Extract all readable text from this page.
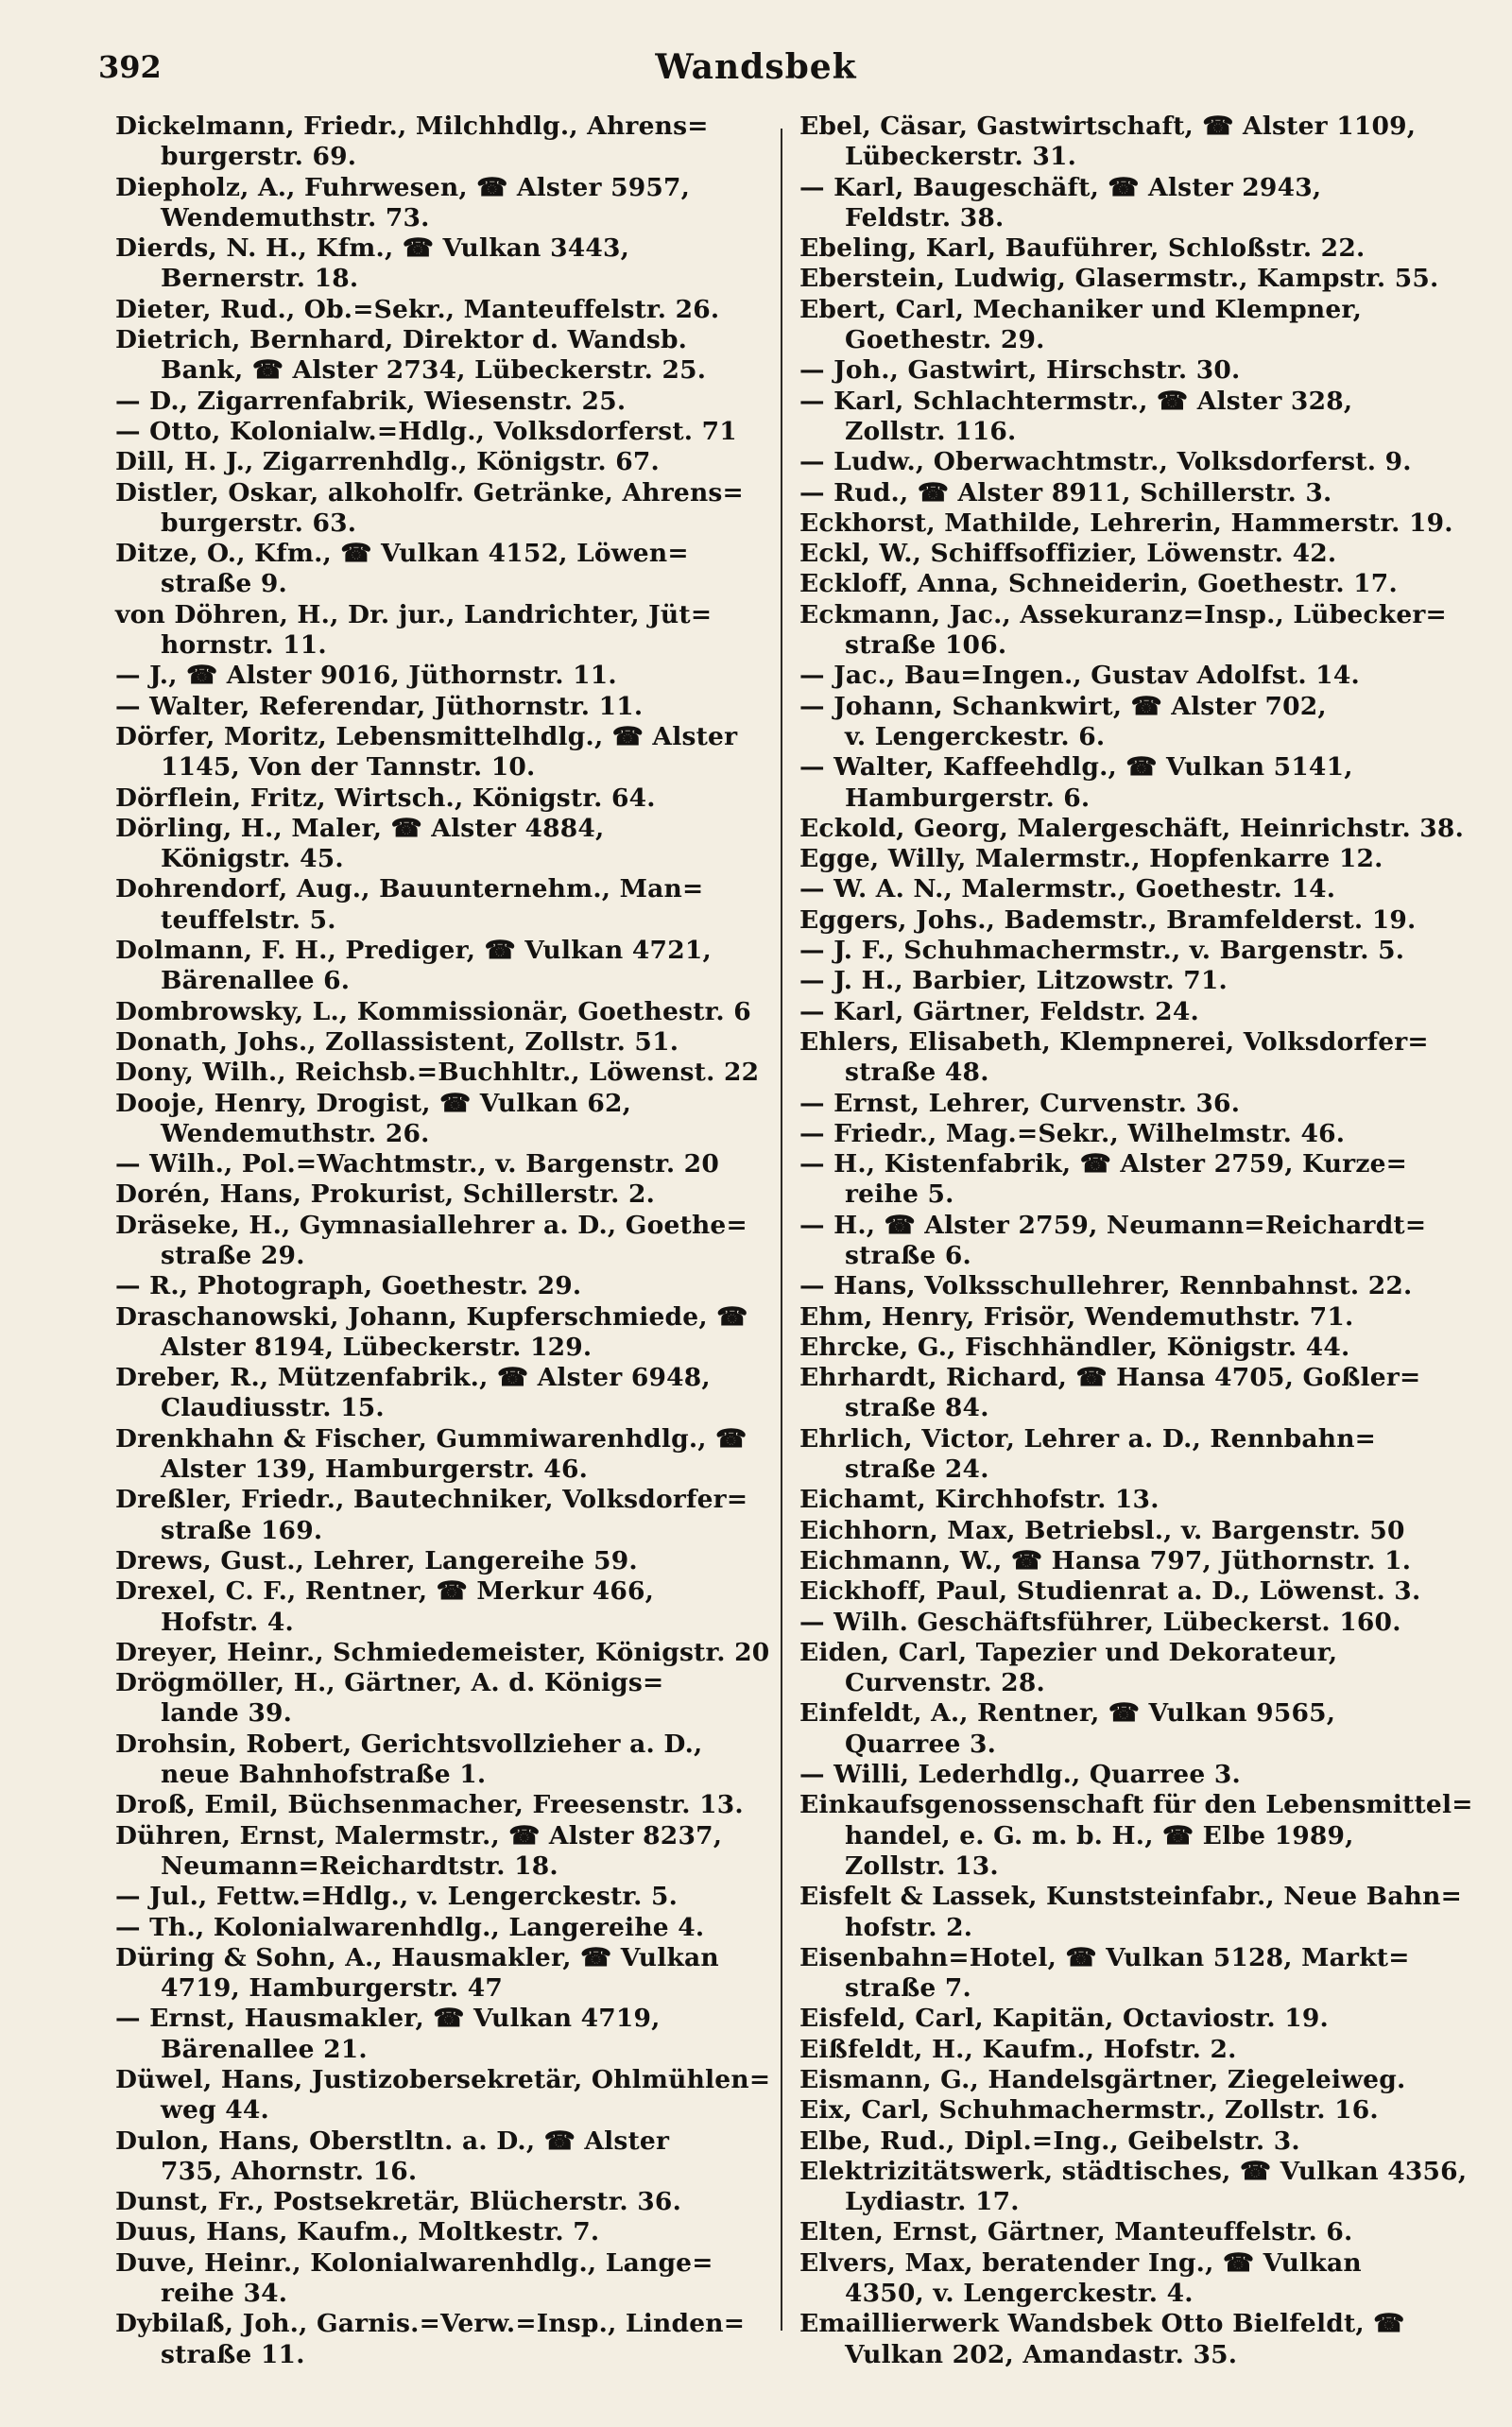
392	Wandsbek
Dickelmann, Friedr., Milchhdlg., Ahrens=
burgerstr. 69.
Diepholz, A., Fuhrwesen, ☎ Alster 5957,
Wendemuthstr. 73.
Dierds, N. H., Kfm., ☎ Vulkan 3443,
Bernerstr. 18.
Dieter, Rud., Ob.=Sekr., Manteuffelstr. 26.
Dietrich, Bernhard, Direktor d. Wandsb.
Bank, ☎ Alster 2734, Lübeckerstr. 25.
— D., Zigarrenfabrik, Wiesenstr. 25.
— Otto, Kolonialw.=Hdlg., Volksdorferst. 71
Dill, H. J., Zigarrenhdlg., Königstr. 67.
Distler, Oskar, alkoholfr. Getränke, Ahrens=
burgerstr. 63.
Ditze, O., Kfm., ☎ Vulkan 4152, Löwen=
straße 9.
von Döhren, H., Dr. jur., Landrichter, Jüt=
hornstr. 11.
— J., ☎ Alster 9016, Jüthornstr. 11.
— Walter, Referendar, Jüthornstr. 11.
Dörfer, Moritz, Lebensmittelhdlg., ☎ Alster
1145, Von der Tannstr. 10.
Dörflein, Fritz, Wirtsch., Königstr. 64.
Dörling, H., Maler, ☎ Alster 4884,
Königstr. 45.
Dohrendorf, Aug., Bauunternehm., Man=
teuffelstr. 5.
Dolmann, F. H., Prediger, ☎ Vulkan 4721,
Bärenallee 6.
Dombrowsky, L., Kommissionär, Goethestr. 6
Donath, Johs., Zollassistent, Zollstr. 51.
Dony, Wilh., Reichsb.=Buchhltr., Löwenst. 22
Dooje, Henry, Drogist, ☎ Vulkan 62,
Wendemuthstr. 26.
— Wilh., Pol.=Wachtmstr., v. Bargenstr. 20
Dorén, Hans, Prokurist, Schillerstr. 2.
Dräseke, H., Gymnasiallehrer a. D., Goethe=
straße 29.
— R., Photograph, Goethestr. 29.
Draschanowski, Johann, Kupferschmiede, ☎
Alster 8194, Lübeckerstr. 129.
Dreber, R., Mützenfabrik., ☎ Alster 6948,
Claudiusstr. 15.
Drenkhahn & Fischer, Gummiwarenhdlg., ☎
Alster 139, Hamburgerstr. 46.
Dreßler, Friedr., Bautechniker, Volksdorfer=
straße 169.
Drews, Gust., Lehrer, Langereihe 59.
Drexel, C. F., Rentner, ☎ Merkur 466,
Hofstr. 4.
Dreyer, Heinr., Schmiedemeister, Königstr. 20
Drögmöller, H., Gärtner, A. d. Königs=
lande 39.
Drohsin, Robert, Gerichtsvollzieher a. D.,
neue Bahnhofstraße 1.
Droß, Emil, Büchsenmacher, Freesenstr. 13.
Dühren, Ernst, Malermstr., ☎ Alster 8237,
Neumann=Reichardtstr. 18.
— Jul., Fettw.=Hdlg., v. Lengerckestr. 5.
— Th., Kolonialwarenhdlg., Langereihe 4.
Düring & Sohn, A., Hausmakler, ☎ Vulkan
4719, Hamburgerstr. 47
— Ernst, Hausmakler, ☎ Vulkan 4719,
Bärenallee 21.
Düwel, Hans, Justizobersekretär, Ohlmühlen=
weg 44.
Dulon, Hans, Oberstltn. a. D., ☎ Alster
735, Ahornstr. 16.
Dunst, Fr., Postsekretär, Blücherstr. 36.
Duus, Hans, Kaufm., Moltkestr. 7.
Duve, Heinr., Kolonialwarenhdlg., Lange=
reihe 34.
Dybilaß, Joh., Garnis.=Verw.=Insp., Linden=
straße 11.
Ebel, Cäsar, Gastwirtschaft, ☎ Alster 1109,
Lübeckerstr. 31.
— Karl, Baugeschäft, ☎ Alster 2943,
Feldstr. 38.
Ebeling, Karl, Bauführer, Schloßstr. 22.
Eberstein, Ludwig, Glasermstr., Kampstr. 55.
Ebert, Carl, Mechaniker und Klempner,
Goethestr. 29.
— Joh., Gastwirt, Hirschstr. 30.
— Karl, Schlachtermstr., ☎ Alster 328,
Zollstr. 116.
— Ludw., Oberwachtmstr., Volksdorferst. 9.
— Rud., ☎ Alster 8911, Schillerstr. 3.
Eckhorst, Mathilde, Lehrerin, Hammerstr. 19.
Eckl, W., Schiffsoffizier, Löwenstr. 42.
Eckloff, Anna, Schneiderin, Goethestr. 17.
Eckmann, Jac., Assekuranz=Insp., Lübecker=
straße 106.
— Jac., Bau=Ingen., Gustav Adolfst. 14.
— Johann, Schankwirt, ☎ Alster 702,
v. Lengerckestr. 6.
— Walter, Kaffeehdlg., ☎ Vulkan 5141,
Hamburgerstr. 6.
Eckold, Georg, Malergeschäft, Heinrichstr. 38.
Egge, Willy, Malermstr., Hopfenkarre 12.
— W. A. N., Malermstr., Goethestr. 14.
Eggers, Johs., Bademstr., Bramfelderst. 19.
— J. F., Schuhmachermstr., v. Bargenstr. 5.
— J. H., Barbier, Litzowstr. 71.
— Karl, Gärtner, Feldstr. 24.
Ehlers, Elisabeth, Klempnerei, Volksdorfer=
straße 48.
— Ernst, Lehrer, Curvenstr. 36.
— Friedr., Mag.=Sekr., Wilhelmstr. 46.
— H., Kistenfabrik, ☎ Alster 2759, Kurze=
reihe 5.
— H., ☎ Alster 2759, Neumann=Reichardt=
straße 6.
— Hans, Volksschullehrer, Rennbahnst. 22.
Ehm, Henry, Frisör, Wendemuthstr. 71.
Ehrcke, G., Fischhändler, Königstr. 44.
Ehrhardt, Richard, ☎ Hansa 4705, Goßler=
straße 84.
Ehrlich, Victor, Lehrer a. D., Rennbahn=
straße 24.
Eichamt, Kirchhofstr. 13.
Eichhorn, Max, Betriebsl., v. Bargenstr. 50
Eichmann, W., ☎ Hansa 797, Jüthornstr. 1.
Eickhoff, Paul, Studienrat a. D., Löwenst. 3.
— Wilh. Geschäftsführer, Lübeckerst. 160.
Eiden, Carl, Tapezier und Dekorateur,
Curvenstr. 28.
Einfeldt, A., Rentner, ☎ Vulkan 9565,
Quarree 3.
— Willi, Lederhdlg., Quarree 3.
Einkaufsgenossenschaft für den Lebensmittel=
handel, e. G. m. b. H., ☎ Elbe 1989,
Zollstr. 13.
Eisfelt & Lassek, Kunststeinfabr., Neue Bahn=
hofstr. 2.
Eisenbahn=Hotel, ☎ Vulkan 5128, Markt=
straße 7.
Eisfeld, Carl, Kapitän, Octaviostr. 19.
Eißfeldt, H., Kaufm., Hofstr. 2.
Eismann, G., Handelsgärtner, Ziegeleiweg.
Eix, Carl, Schuhmachermstr., Zollstr. 16.
Elbe, Rud., Dipl.=Ing., Geibelstr. 3.
Elektrizitätswerk, städtisches, ☎ Vulkan 4356,
Lydiastr. 17.
Elten, Ernst, Gärtner, Manteuffelstr. 6.
Elvers, Max, beratender Ing., ☎ Vulkan
4350, v. Lengerckestr. 4.
Emaillierwerk Wandsbek Otto Bielfeldt, ☎
Vulkan 202, Amandastr. 35.
